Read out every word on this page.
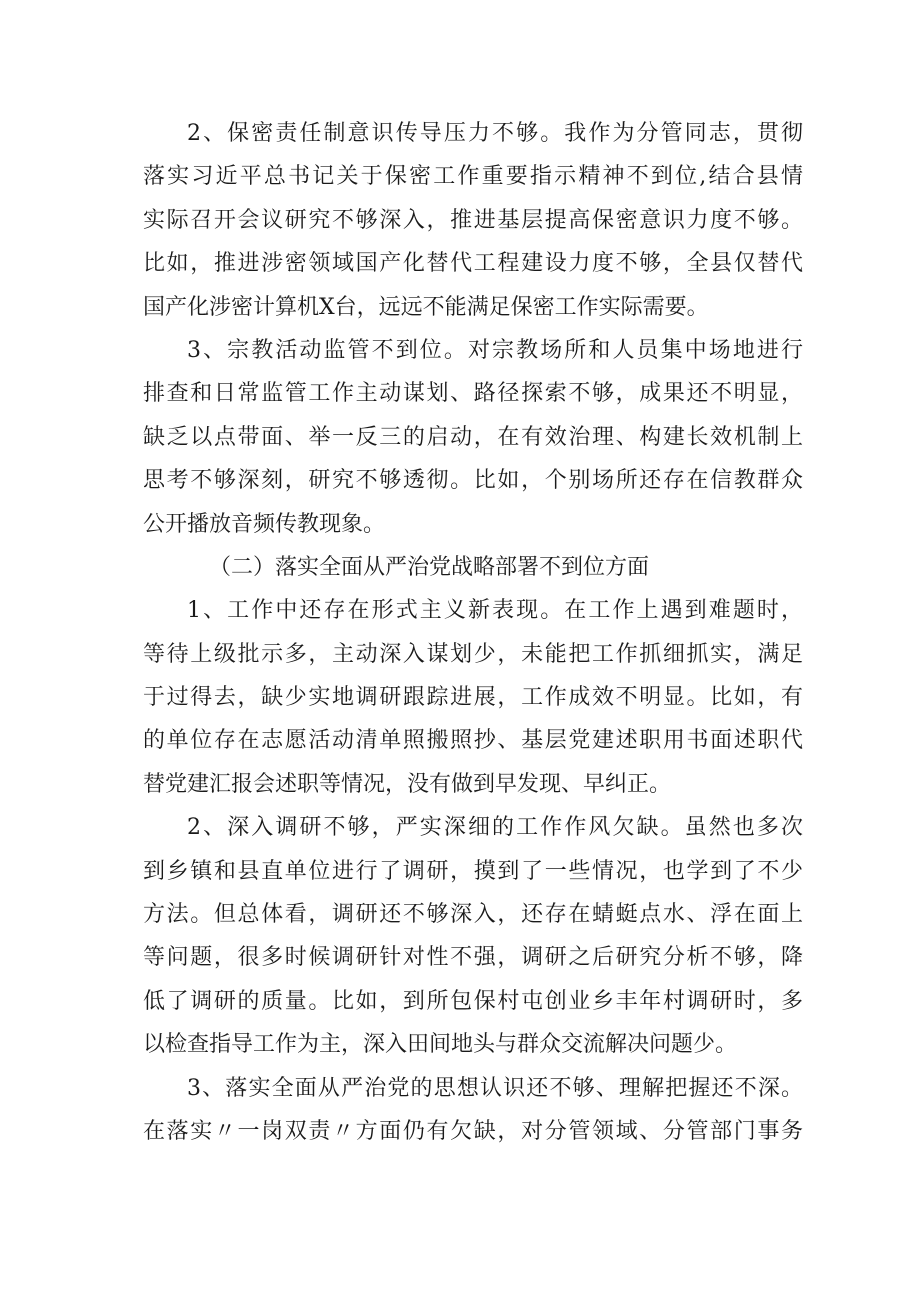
2、保密责任制意识传导压力不够。我作为分管同志，贯彻
落实习近平总书记关于保密工作重要指示精神不到位,结合县情
实际召开会议研究不够深入，推进基层提高保密意识力度不够。
比如，推进涉密领域国产化替代工程建设力度不够，全县仅替代
国产化涉密计算机X台，远远不能满足保密工作实际需要。
3、宗教活动监管不到位。对宗教场所和人员集中场地进行
排查和日常监管工作主动谋划、路径探索不够，成果还不明显，
缺乏以点带面、举一反三的启动，在有效治理、构建长效机制上
思考不够深刻，研究不够透彻。比如，个别场所还存在信教群众
公开播放音频传教现象。
（二）落实全面从严治党战略部署不到位方面
1、工作中还存在形式主义新表现。在工作上遇到难题时，
等待上级批示多，主动深入谋划少，未能把工作抓细抓实，满足
于过得去，缺少实地调研跟踪进展，工作成效不明显。比如，有
的单位存在志愿活动清单照搬照抄、基层党建述职用书面述职代
替党建汇报会述职等情况，没有做到早发现、早纠正。
2、深入调研不够，严实深细的工作作风欠缺。虽然也多次
到乡镇和县直单位进行了调研，摸到了一些情况，也学到了不少
方法。但总体看，调研还不够深入，还存在蜻蜓点水、浮在面上
等问题，很多时候调研针对性不强，调研之后研究分析不够，降
低了调研的质量。比如，到所包保村屯创业乡丰年村调研时，多
以检查指导工作为主，深入田间地头与群众交流解决问题少。
3、落实全面从严治党的思想认识还不够、理解把握还不深。
在落实〃一岗双责〃方面仍有欠缺，对分管领域、分管部门事务
